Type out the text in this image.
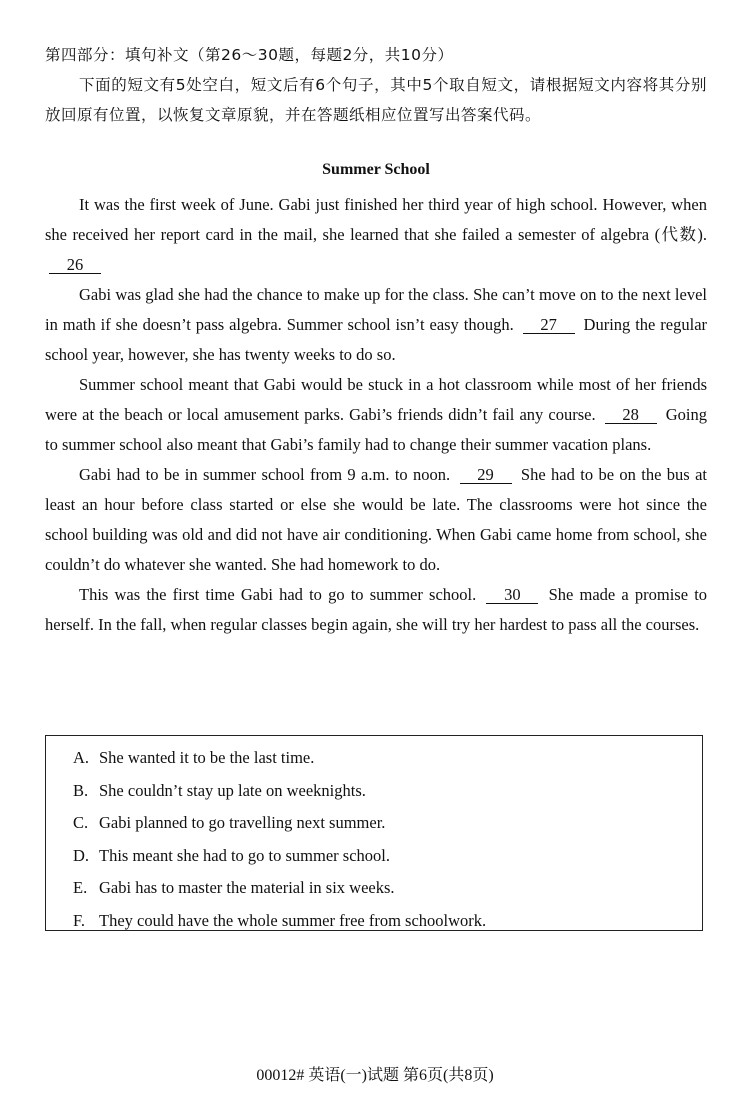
第四部分：填句补文（第26～30题，每题2分，共10分）

下面的短文有5处空白，短文后有6个句子，其中5个取自短文，请根据短文内容将其分别放回原有位置，以恢复文章原貌，并在答题纸相应位置写出答案代码。

Summer School

It was the first week of June. Gabi just finished her third year of high school. However, when she received her report card in the mail, she learned that she failed a semester of algebra (代数). 26

Gabi was glad she had the chance to make up for the class. She can’t move on to the next level in math if she doesn’t pass algebra. Summer school isn’t easy though. 27 During the regular school year, however, she has twenty weeks to do so.

Summer school meant that Gabi would be stuck in a hot classroom while most of her friends were at the beach or local amusement parks. Gabi’s friends didn’t fail any course. 28 Going to summer school also meant that Gabi’s family had to change their summer vacation plans.

Gabi had to be in summer school from 9 a.m. to noon. 29 She had to be on the bus at least an hour before class started or else she would be late. The classrooms were hot since the school building was old and did not have air conditioning. When Gabi came home from school, she couldn’t do whatever she wanted. She had homework to do.

This was the first time Gabi had to go to summer school. 30 She made a promise to herself. In the fall, when regular classes begin again, she will try her hardest to pass all the courses.

A. She wanted it to be the last time.

B. She couldn’t stay up late on weeknights.

C. Gabi planned to go travelling next summer.

D. This meant she had to go to summer school.

E. Gabi has to master the material in six weeks.

F. They could have the whole summer free from schoolwork.

00012# 英语(一)试题 第6页(共8页)
